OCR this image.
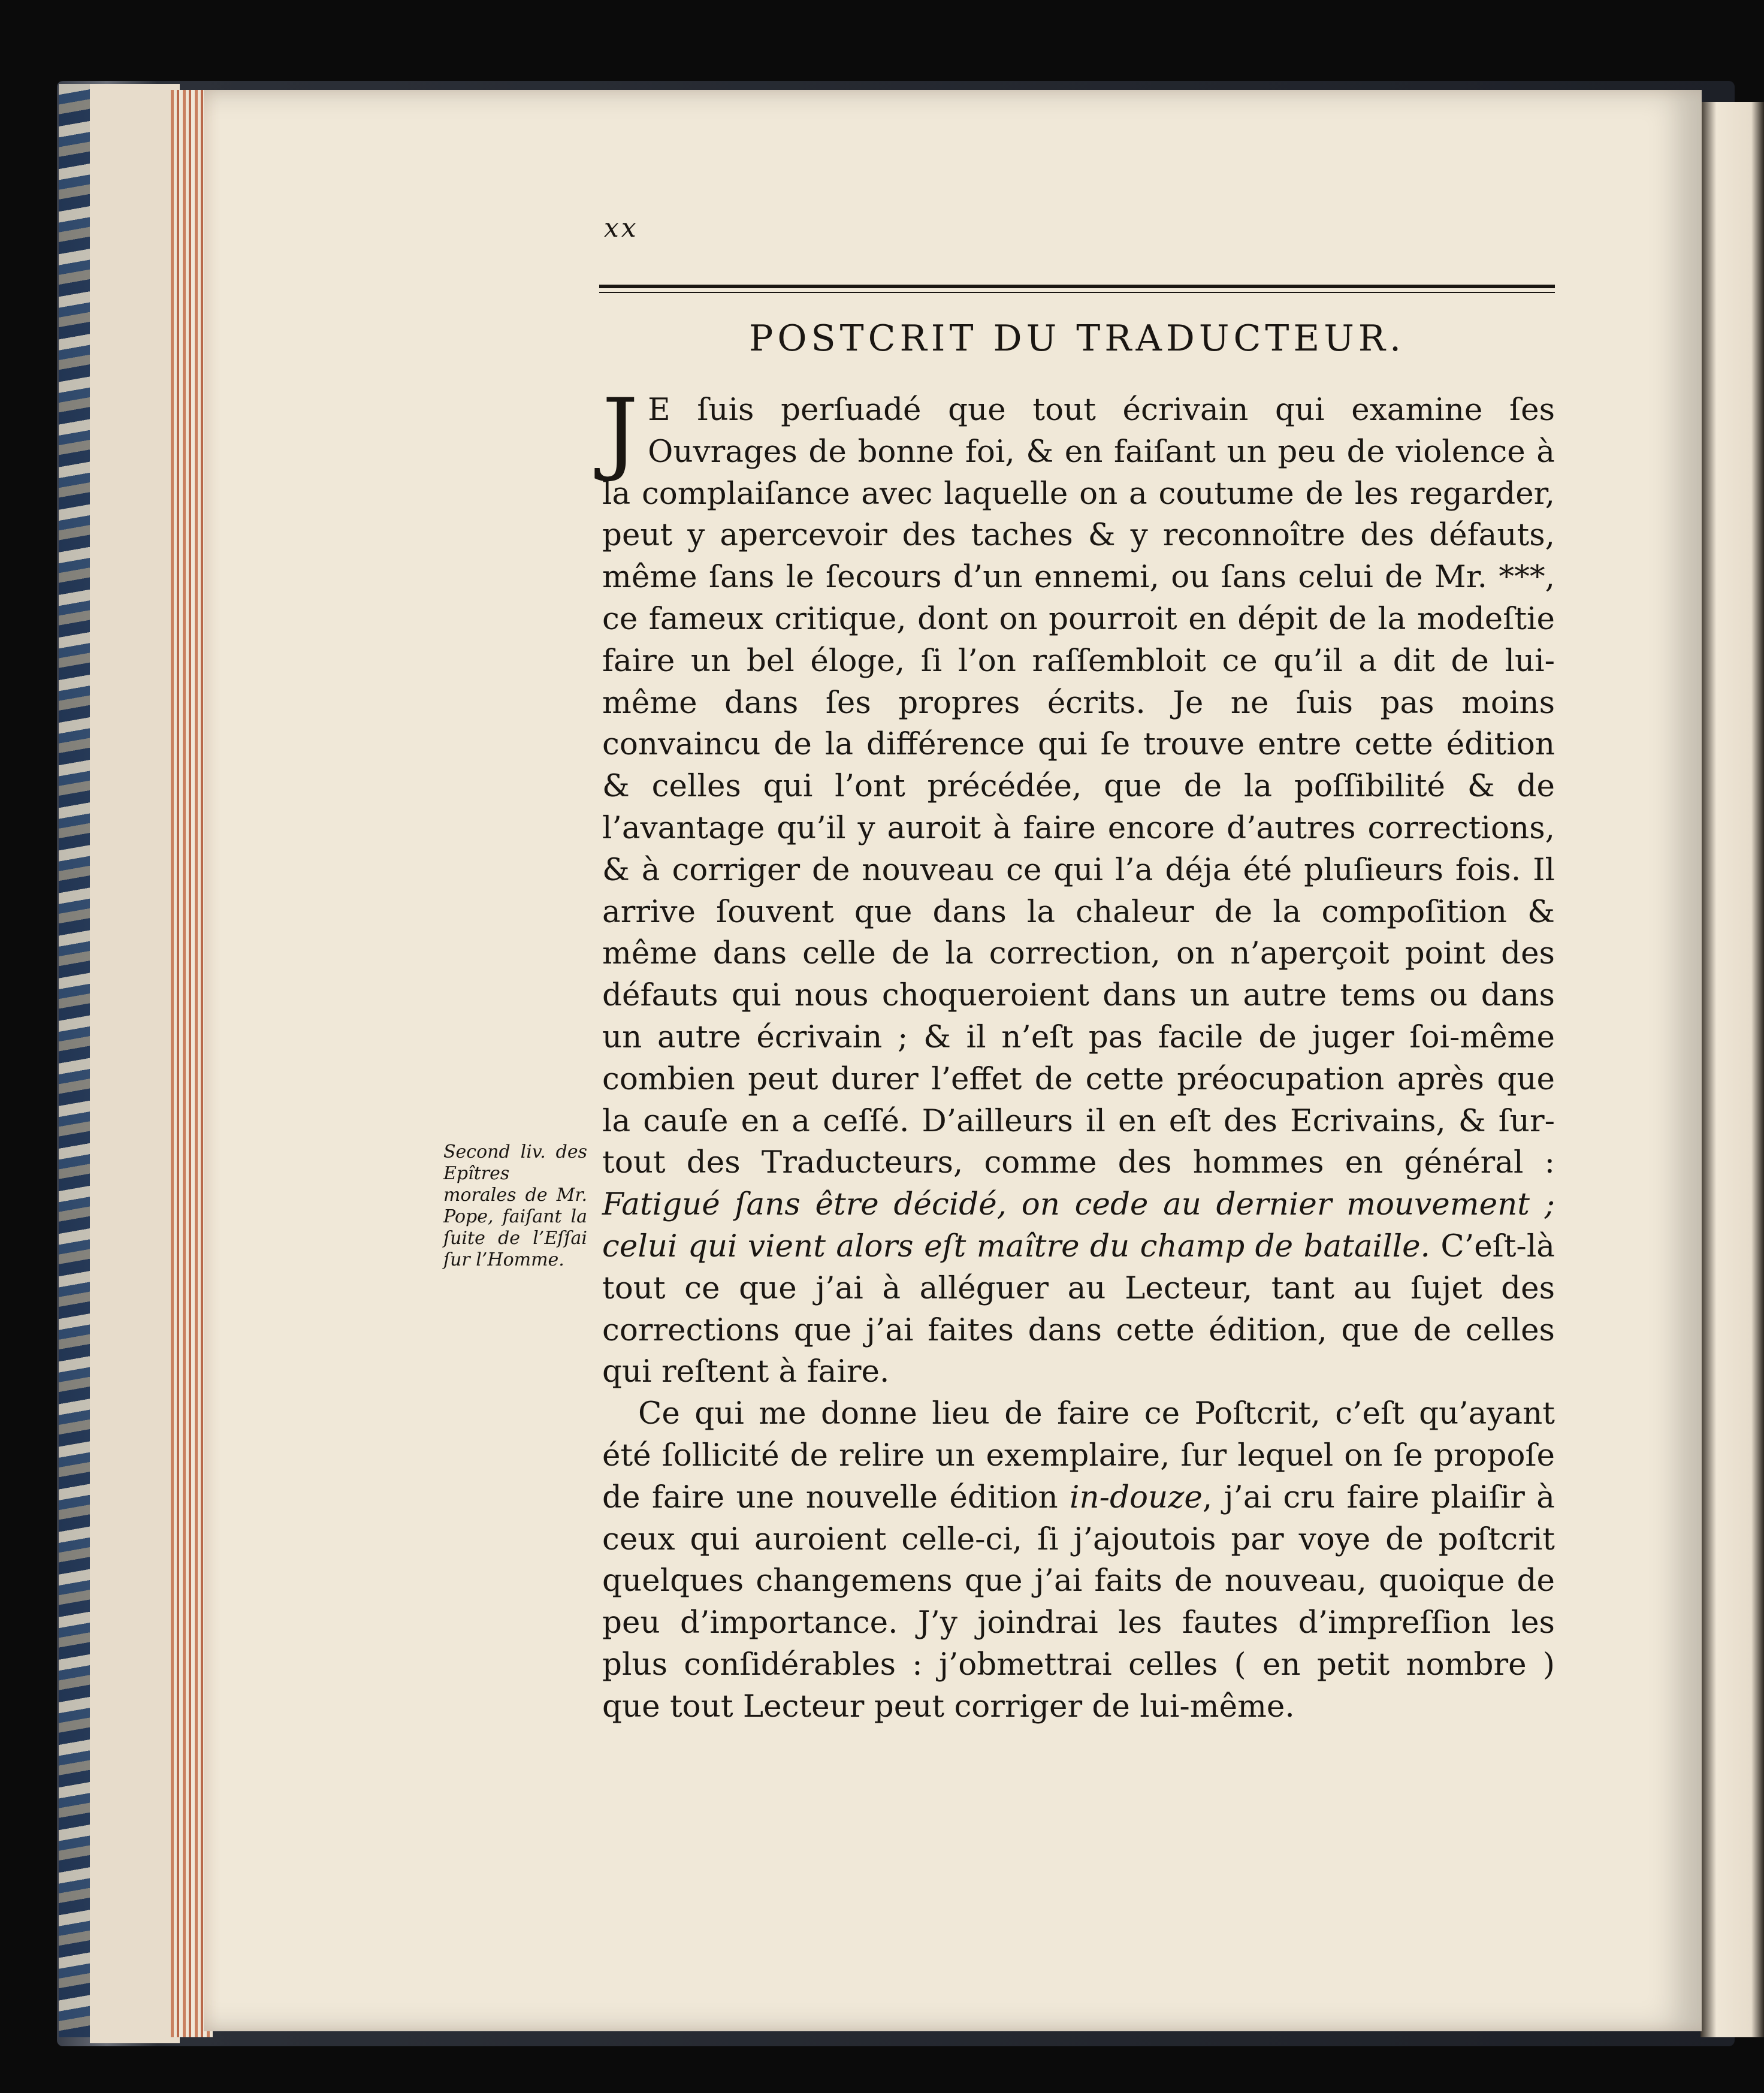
xx
POSTCRIT DU TRADUCTEUR.
Second liv. des Epîtres morales de Mr. Pope, faiſant la ſuite de l’Eſſai ſur l’Homme.

J E ſuis perſuadé que tout écrivain qui examine ſes Ouvrages de bonne foi, & en faiſant un peu de violence à la complaiſance avec laquelle on a coutume de les regarder, peut y apercevoir des taches & y reconnoître des défauts, même ſans le ſecours d’un ennemi, ou ſans celui de Mr. ***, ce fameux critique, dont on pourroit en dépit de la modeſtie faire un bel éloge, ſi l’on raſſembloit ce qu’il a dit de lui-même dans ſes propres écrits. Je ne ſuis pas moins convaincu de la différence qui ſe trouve entre cette édition & celles qui l’ont précédée, que de la poſſibilité & de l’avantage qu’il y auroit à faire encore d’autres corrections, & à corriger de nouveau ce qui l’a déja été pluſieurs fois. Il arrive ſouvent que dans la chaleur de la compoſition & même dans celle de la correction, on n’aperçoit point des défauts qui nous choqueroient dans un autre tems ou dans un autre écrivain ; & il n’eſt pas facile de juger ſoi-même combien peut durer l’effet de cette préocupation après que la cauſe en a ceſſé. D’ailleurs il en eſt des Ecrivains, & ſur-tout des Traducteurs, comme des hommes en général : Fatigué ſans être décidé, on cede au dernier mouvement ; celui qui vient alors eſt maître du champ de bataille. C’eſt-là tout ce que j’ai à alléguer au Lecteur, tant au ſujet des corrections que j’ai faites dans cette édition, que de celles qui reſtent à faire.

Ce qui me donne lieu de faire ce Poſtcrit, c’eſt qu’ayant été ſollicité de relire un exemplaire, ſur lequel on ſe propoſe de faire une nouvelle édition in-douze, j’ai cru faire plaiſir à ceux qui auroient celle-ci, ſi j’ajoutois par voye de poſtcrit quelques changemens que j’ai faits de nouveau, quoique de peu d’importance. J’y joindrai les fautes d’impreſſion les plus conſidérables : j’obmettrai celles ( en petit nombre ) que tout Lecteur peut corriger de lui-même.
